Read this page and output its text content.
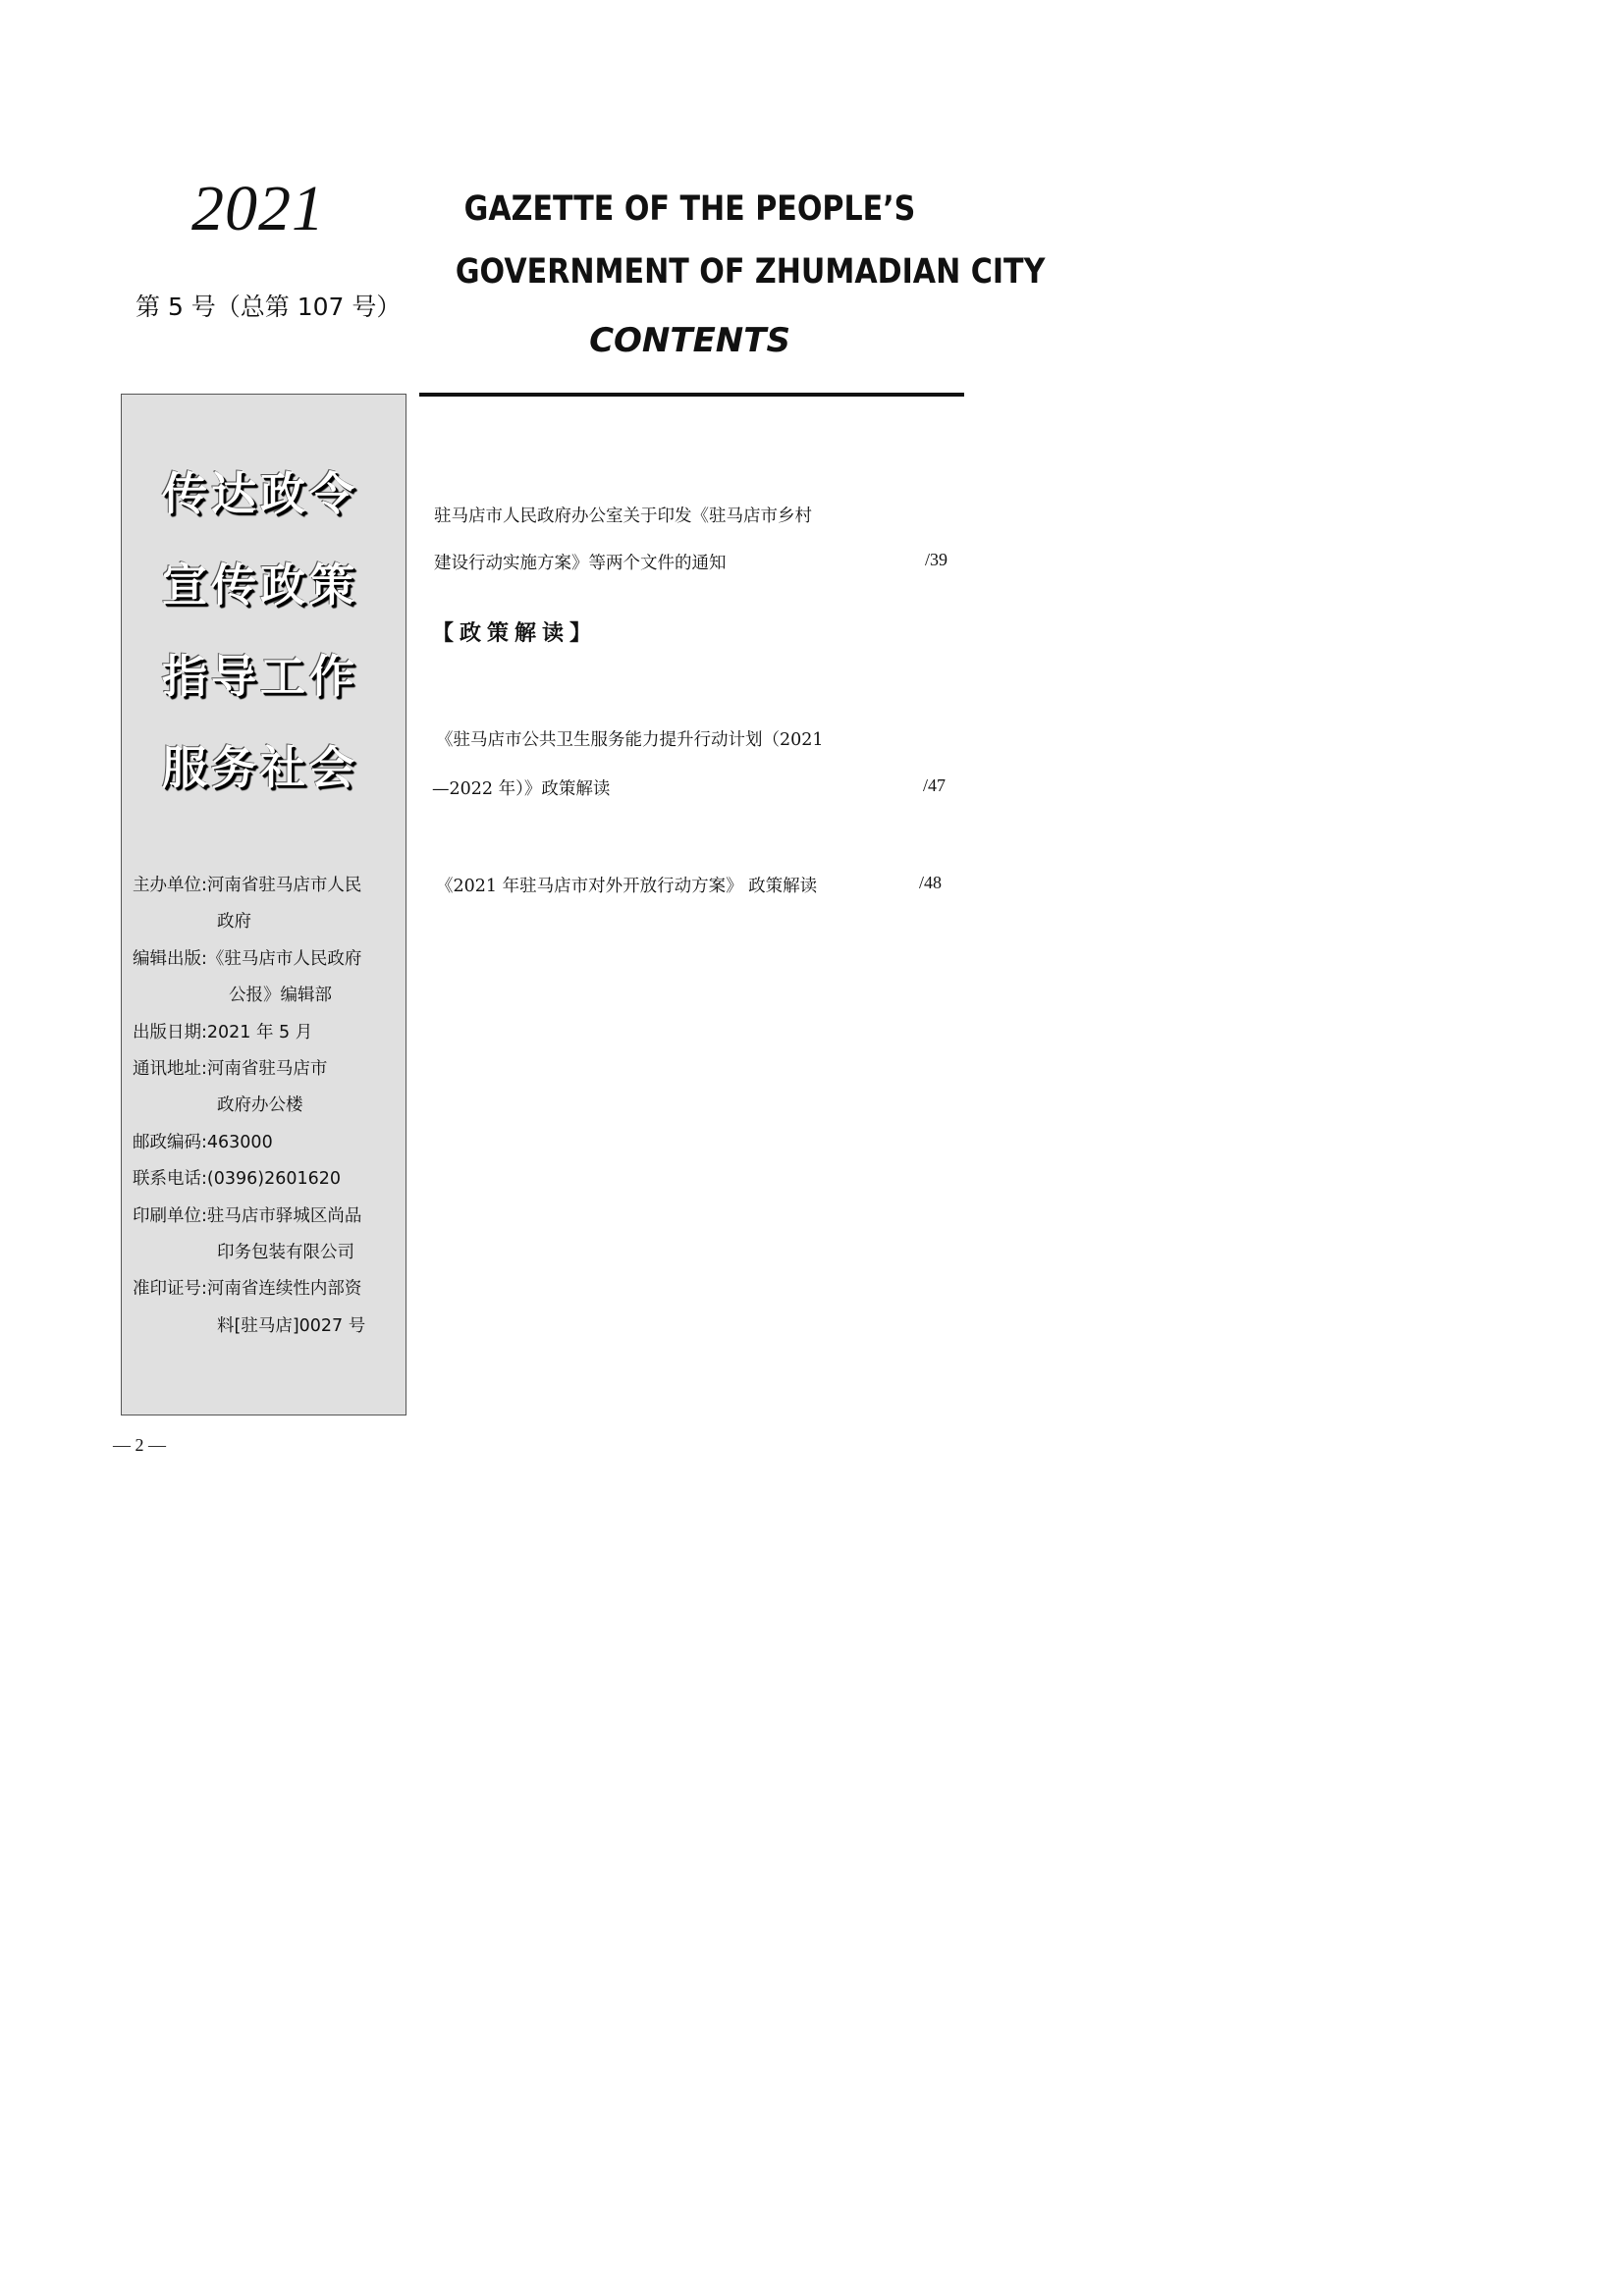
2021
第 5 号（总第 107 号）
GAZETTE OF THE PEOPLE’S
GOVERNMENT OF ZHUMADIAN CITY
CONTENTS
传达政令
宣传政策
指导工作
服务社会
主办单位:河南省驻马店市人民
政府
编辑出版:《驻马店市人民政府
公报》编辑部
出版日期:2021 年 5 月
通讯地址:河南省驻马店市
政府办公楼
邮政编码:463000
联系电话:(0396)2601620
印刷单位:驻马店市驿城区尚品
印务包装有限公司
准印证号:河南省连续性内部资
料[驻马店]0027 号
驻马店市人民政府办公室关于印发《驻马店市乡村
建设行动实施方案》等两个文件的通知	/39
【政策解读】
《驻马店市公共卫生服务能力提升行动计划（2021
—2022 年）》政策解读	/47
《2021 年驻马店市对外开放行动方案》 政策解读	/48
— 2 —
